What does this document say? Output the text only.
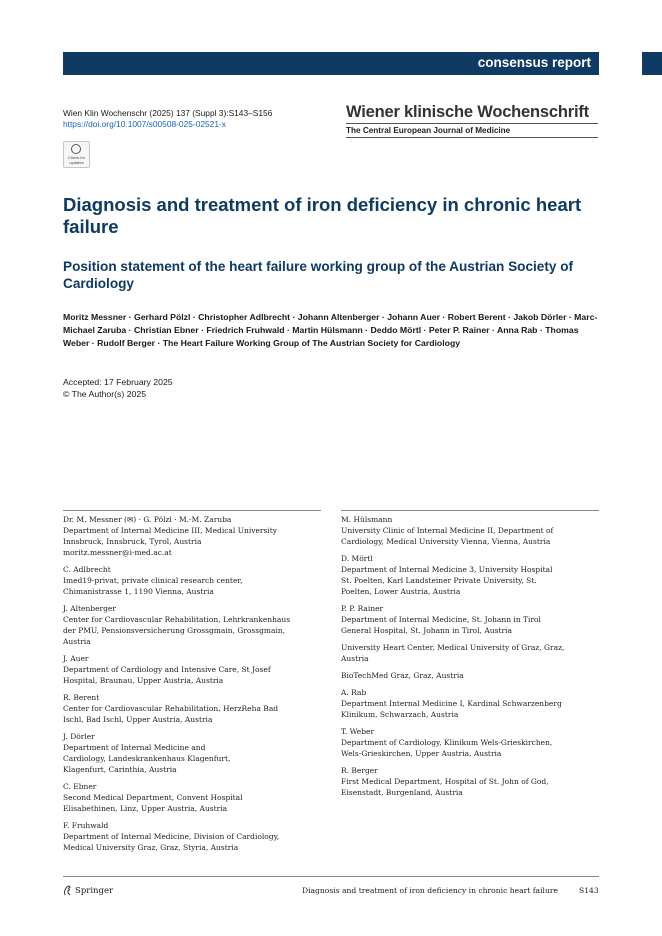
consensus report
Wien Klin Wochenschr (2025) 137 (Suppl 3):S143–S156
https://doi.org/10.1007/s00508-025-02521-x
Wiener klinische Wochenschrift
The Central European Journal of Medicine
Check for
updates
Diagnosis and treatment of iron deficiency in chronic heart failure
Position statement of the heart failure working group of the Austrian Society of Cardiology
Moritz Messner · Gerhard Pölzl · Christopher Adlbrecht · Johann Altenberger · Johann Auer · Robert Berent · Jakob Dörler · Marc-Michael Zaruba · Christian Ebner · Friedrich Fruhwald · Martin Hülsmann · Deddo Mörtl · Peter P. Rainer · Anna Rab · Thomas Weber · Rudolf Berger · The Heart Failure Working Group of The Austrian Society for Cardiology
Accepted: 17 February 2025
© The Author(s) 2025
Dr. M. Messner (✉) · G. Pölzl · M.-M. Zaruba
Department of Internal Medicine III, Medical University
Innsbruck, Innsbruck, Tyrol, Austria
moritz.messner@i-med.ac.at
C. Adlbrecht
Imed19-privat, private clinical research center,
Chimanistrasse 1, 1190 Vienna, Austria
J. Altenberger
Center for Cardiovascular Rehabilitation, Lehrkrankenhaus
der PMU, Pensionsversicherung Grossgmain, Grossgmain,
Austria
J. Auer
Department of Cardiology and Intensive Care, St Josef
Hospital, Braunau, Upper Austria, Austria
R. Berent
Center for Cardiovascular Rehabilitation, HerzReha Bad
Ischl, Bad Ischl, Upper Austria, Austria
J. Dörler
Department of Internal Medicine and
Cardiology, Landeskrankenhaus Klagenfurt,
Klagenfurt, Carinthia, Austria
C. Ebner
Second Medical Department, Convent Hospital
Elisabethinen, Linz, Upper Austria, Austria
F. Fruhwald
Department of Internal Medicine, Division of Cardiology,
Medical University Graz, Graz, Styria, Austria
M. Hülsmann
University Clinic of Internal Medicine II, Department of
Cardiology, Medical University Vienna, Vienna, Austria
D. Mörtl
Department of Internal Medicine 3, University Hospital
St. Poelten, Karl Landsteiner Private University, St.
Poelten, Lower Austria, Austria
P. P. Rainer
Department of Internal Medicine, St. Johann in Tirol
General Hospital, St. Johann in Tirol, Austria
University Heart Center, Medical University of Graz, Graz,
Austria
BioTechMed Graz, Graz, Austria
A. Rab
Department Internal Medicine I, Kardinal Schwarzenberg
Klinikum, Schwarzach, Austria
T. Weber
Department of Cardiology, Klinikum Wels-Grieskirchen,
Wels-Grieskirchen, Upper Austria, Austria
R. Berger
First Medical Department, Hospital of St. John of God,
Eisenstadt, Burgenland, Austria
Springer	Diagnosis and treatment of iron deficiency in chronic heart failure	S143
